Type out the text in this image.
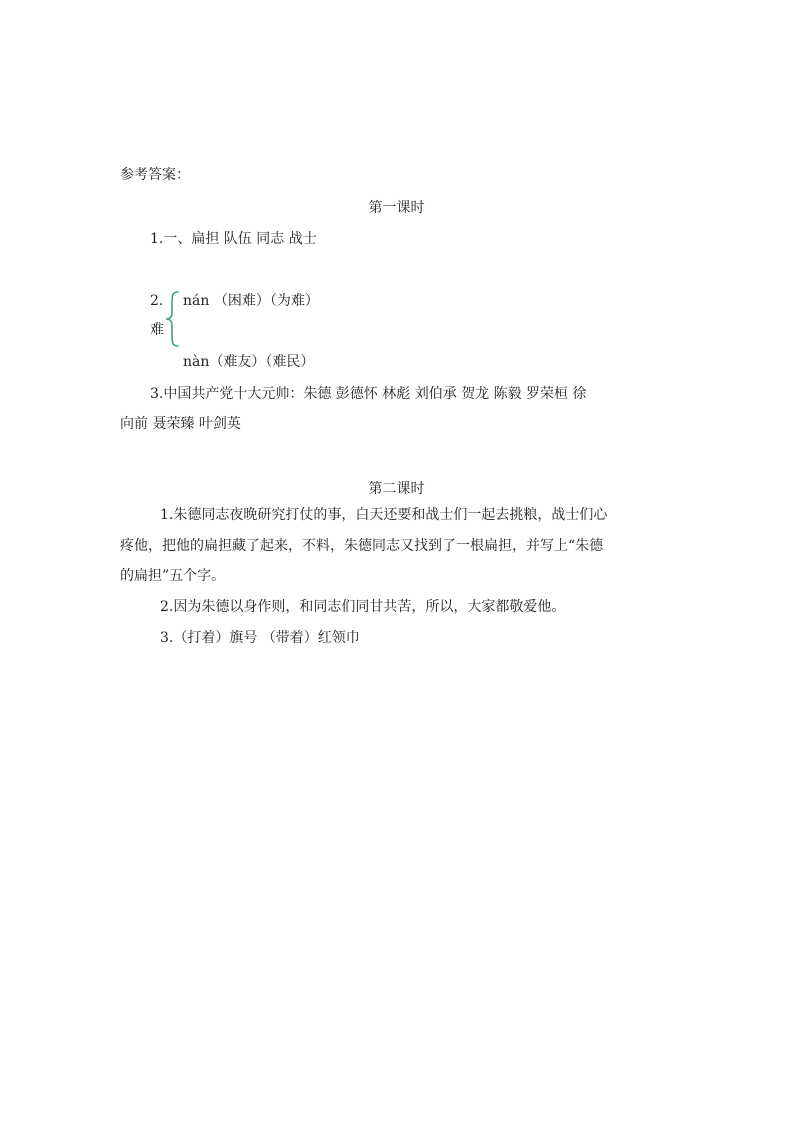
参考答案：
第一课时
1.一、扁担 队伍 同志 战士
2.
难
nán （困难）（为难）
nàn（难友）（难民）
3.中国共产党十大元帅：朱德 彭德怀 林彪 刘伯承 贺龙 陈毅 罗荣桓 徐
向前 聂荣臻 叶剑英
第二课时
1.朱德同志夜晚研究打仗的事，白天还要和战士们一起去挑粮，战士们心
疼他，把他的扁担藏了起来，不料，朱德同志又找到了一根扁担，并写上“朱德
的扁担”五个字。
2.因为朱德以身作则，和同志们同甘共苦，所以，大家都敬爱他。
3.（打着）旗号 （带着）红领巾
